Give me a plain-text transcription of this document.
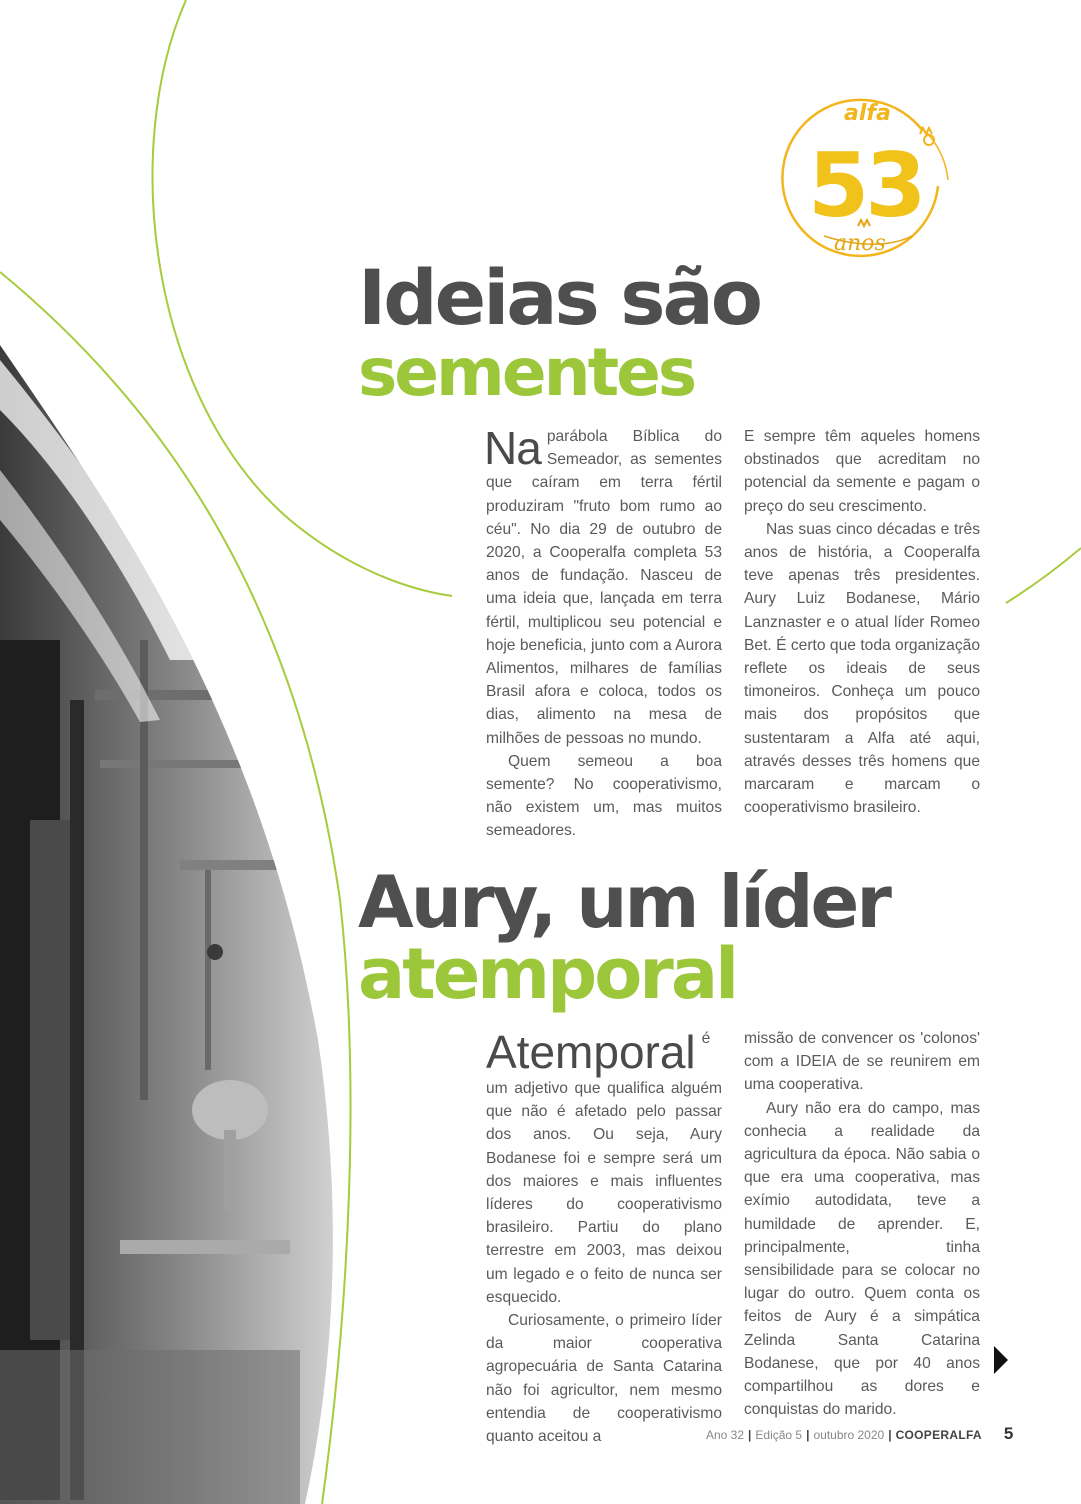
alfa
53
anos
Ideias são
sementes

Na parábola Bíblica do Semeador, as sementes que caíram em terra fértil produziram "fruto bom rumo ao céu". No dia 29 de outubro de 2020, a Cooperalfa completa 53 anos de fundação. Nasceu de uma ideia que, lançada em terra fértil, multiplicou seu potencial e hoje beneficia, junto com a Aurora Alimentos, milhares de famílias Brasil afora e coloca, todos os dias, alimento na mesa de milhões de pessoas no mundo.

Quem semeou a boa semente? No cooperativismo, não existem um, mas muitos semeadores.

E sempre têm aqueles homens obstinados que acreditam no potencial da semente e pagam o preço do seu crescimento.

Nas suas cinco décadas e três anos de história, a Cooperalfa teve apenas três presidentes. Aury Luiz Bodanese, Mário Lanznaster e o atual líder Romeo Bet. É certo que toda organização reflete os ideais de seus timoneiros. Conheça um pouco mais dos propósitos que sustentaram a Alfa até aqui, através desses três homens que marcaram e marcam o cooperativismo brasileiro.

Aury, um líder
atemporal

Atemporal é um adjetivo que qualifica alguém que não é afetado pelo passar dos anos. Ou seja, Aury Bodanese foi e sempre será um dos maiores e mais influentes líderes do cooperativismo brasileiro. Partiu do plano terrestre em 2003, mas deixou um legado e o feito de nunca ser esquecido.

Curiosamente, o primeiro líder da maior cooperativa agropecuária de Santa Catarina não foi agricultor, nem mesmo entendia de cooperativismo quanto aceitou a

missão de convencer os 'colonos' com a IDEIA de se reunirem em uma cooperativa.

Aury não era do campo, mas conhecia a realidade da agricultura da época. Não sabia o que era uma cooperativa, mas exímio autodidata, teve a humildade de aprender. E, principalmente, tinha sensibilidade para se colocar no lugar do outro. Quem conta os feitos de Aury é a simpática Zelinda Santa Catarina Bodanese, que por 40 anos compartilhou as dores e conquistas do marido.

Ano 32 | Edição 5 | outubro 2020 | COOPERALFA 5
